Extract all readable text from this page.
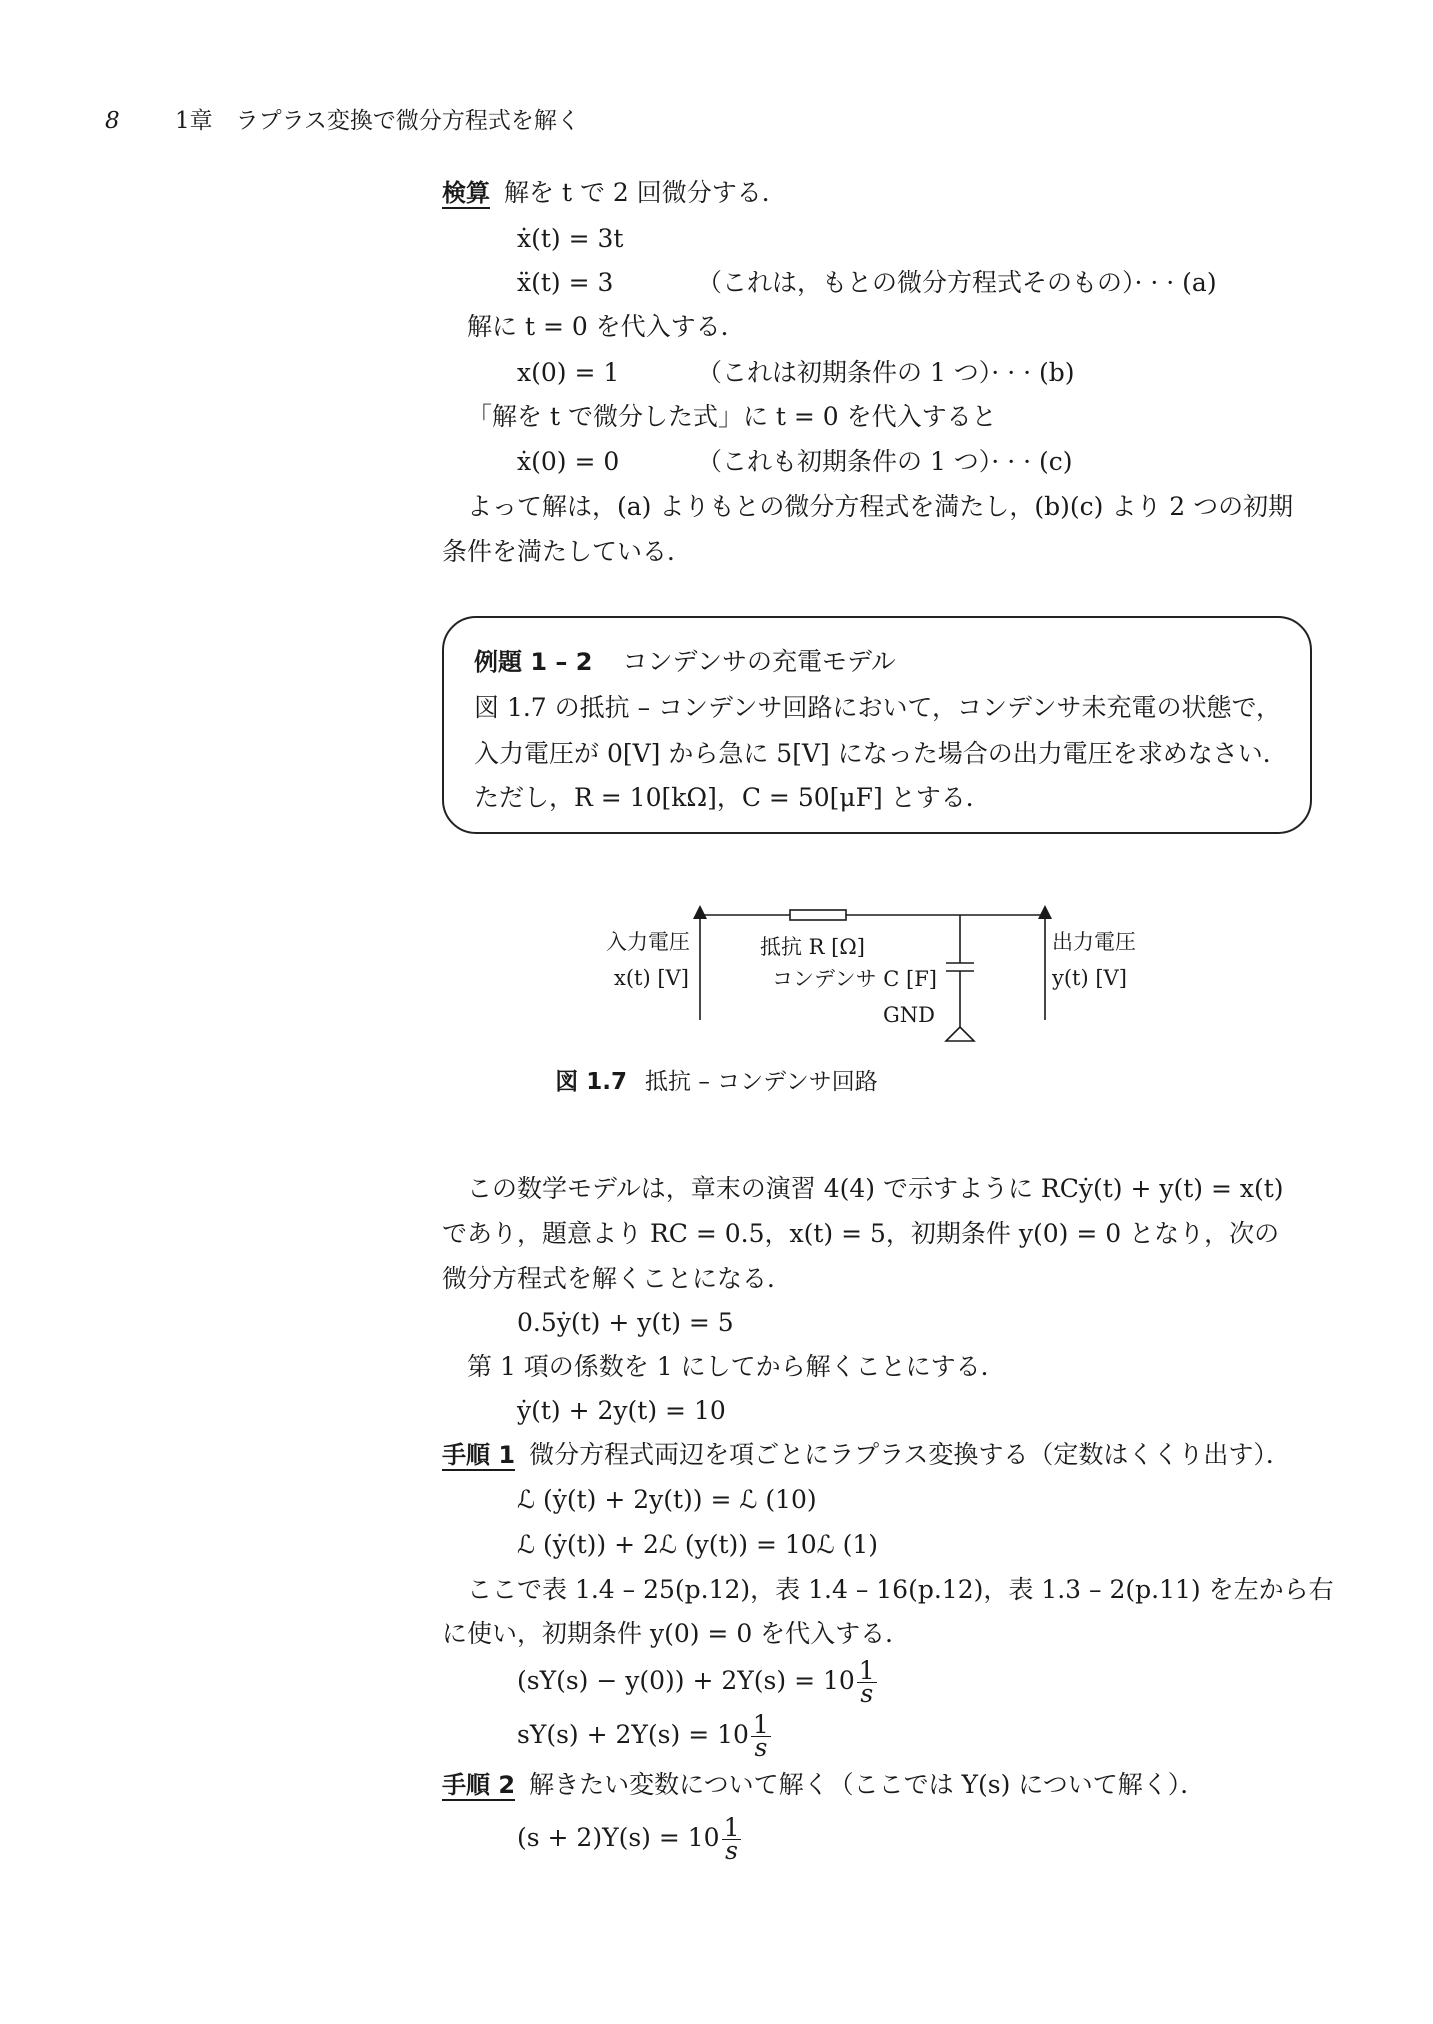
8 1章　ラプラス変換で微分方程式を解く
検算 解を t で 2 回微分する．
ẋ(t) = 3t
ẍ(t) = 3	（これは，もとの微分方程式そのもの）· · · (a)
解に t = 0 を代入する．
x(0) = 1	（これは初期条件の 1 つ）· · · (b)
「解を t で微分した式」に t = 0 を代入すると
ẋ(0) = 0	（これも初期条件の 1 つ）· · · (c)
よって解は，(a) よりもとの微分方程式を満たし，(b)(c) より 2 つの初期
条件を満たしている．
例題 1 – 2 コンデンサの充電モデル
図 1.7 の抵抗 – コンデンサ回路において，コンデンサ未充電の状態で，
入力電圧が 0[V] から急に 5[V] になった場合の出力電圧を求めなさい．
ただし，R = 10[kΩ]，C = 50[μF] とする．
入力電圧
x(t) [V]
抵抗 R [Ω]
コンデンサ C [F]
GND
出力電圧
y(t) [V]
図 1.7 抵抗 – コンデンサ回路
この数学モデルは，章末の演習 4(4) で示すように RCẏ(t) + y(t) = x(t)
であり，題意より RC = 0.5，x(t) = 5，初期条件 y(0) = 0 となり，次の
微分方程式を解くことになる．
0.5ẏ(t) + y(t) = 5
第 1 項の係数を 1 にしてから解くことにする．
ẏ(t) + 2y(t) = 10
手順 1 微分方程式両辺を項ごとにラプラス変換する（定数はくくり出す）．
ℒ (ẏ(t) + 2y(t)) = ℒ (10)
ℒ (ẏ(t)) + 2ℒ (y(t)) = 10ℒ (1)
ここで表 1.4 – 25(p.12)，表 1.4 – 16(p.12)，表 1.3 – 2(p.11) を左から右
に使い，初期条件 y(0) = 0 を代入する．
$(sY(s) - y(0)) + 2Y(s) = 10 \frac{1}{s}$
$sY(s) + 2Y(s) = 10 \frac{1}{s}$
手順 2 解きたい変数について解く（ここでは Y(s) について解く）．
$(s + 2)Y(s) = 10 \frac{1}{s}$
